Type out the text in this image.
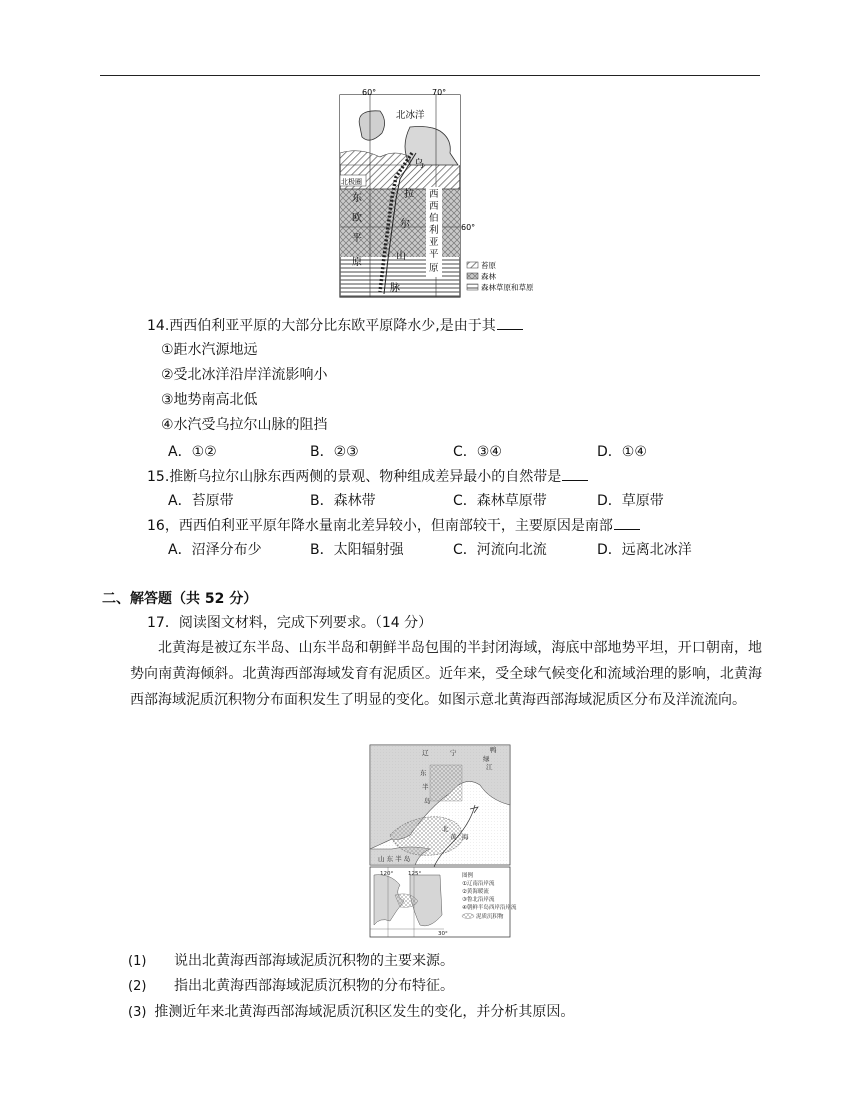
60°	70°
60°
北冰洋
北极圈
东
欧
平
原
乌
拉
尔
山
脉
西
西
伯
利
亚
平
原	苔原
森林
森林草原和草原
14.西西伯利亚平原的大部分比东欧平原降水少,是由于其
①距水汽源地远
②受北冰洋沿岸洋流影响小
③地势南高北低
④水汽受乌拉尔山脉的阻挡
A．①②	B．②③	C．③④	D．①④
15.推断乌拉尔山脉东西两侧的景观、物种组成差异最小的自然带是
A．苔原带	B．森林带	C．森林草原带	D．草原带
16，西西伯利亚平原年降水量南北差异较小，但南部较干，主要原因是南部
A．沼泽分布少	B．太阳辐射强	C．河流向北流	D．远离北冰洋
二、解答题（共 52 分）
17．阅读图文材料，完成下列要求。（14 分）
北黄海是被辽东半岛、山东半岛和朝鲜半岛包围的半封闭海域，海底中部地势平坦，开口朝南，地势向南黄海倾斜。北黄海西部海域发育有泥质区。近年来，受全球气候变化和流域治理的影响，北黄海西部海域泥质沉积物分布面积发生了明显的变化。如图示意北黄海西部海域泥质区分布及洋流流向。
辽	宁	鸭
绿
江
东
半
岛
北
黄 海
山 东 半 岛
120°	125°
30°
图例
①辽南沿岸流
②黄海暖流
③鲁北沿岸流
④朝鲜半岛西岸沿岸流
泥质沉积物
(1) 说出北黄海西部海域泥质沉积物的主要来源。
(2) 指出北黄海西部海域泥质沉积物的分布特征。
(3) 推测近年来北黄海西部海域泥质沉积区发生的变化，并分析其原因。
